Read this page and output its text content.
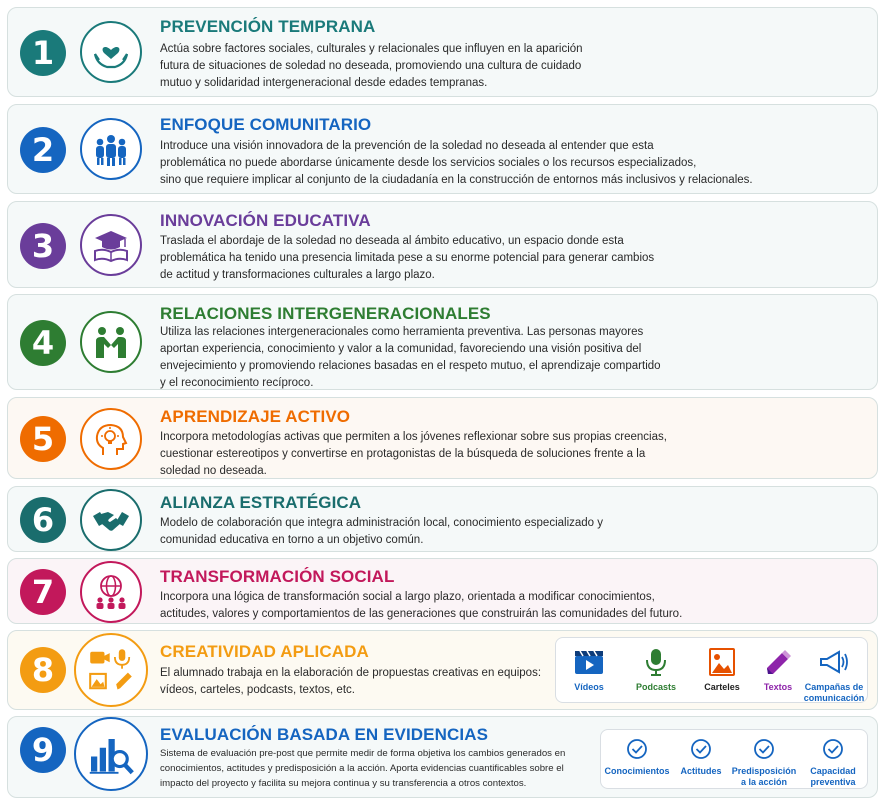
1
PREVENCIÓN TEMPRANA
Actúa sobre factores sociales, culturales y relacionales que influyen en la aparición
futura de situaciones de soledad no deseada, promoviendo una cultura de cuidado
mutuo y solidaridad intergeneracional desde edades tempranas.
2
ENFOQUE COMUNITARIO
Introduce una visión innovadora de la prevención de la soledad no deseada al entender que esta
problemática no puede abordarse únicamente desde los servicios sociales o los recursos especializados,
sino que requiere implicar al conjunto de la ciudadanía en la construcción de entornos más inclusivos y relacionales.
3
INNOVACIÓN EDUCATIVA
Traslada el abordaje de la soledad no deseada al ámbito educativo, un espacio donde esta
problemática ha tenido una presencia limitada pese a su enorme potencial para generar cambios
de actitud y transformaciones culturales a largo plazo.
4
RELACIONES INTERGENERACIONALES
Utiliza las relaciones intergeneracionales como herramienta preventiva. Las personas mayores
aportan experiencia, conocimiento y valor a la comunidad, favoreciendo una visión positiva del
envejecimiento y promoviendo relaciones basadas en el respeto mutuo, el aprendizaje compartido
y el reconocimiento recíproco.
5
APRENDIZAJE ACTIVO
Incorpora metodologías activas que permiten a los jóvenes reflexionar sobre sus propias creencias,
cuestionar estereotipos y convertirse en protagonistas de la búsqueda de soluciones frente a la
soledad no deseada.
6	ALIANZA ESTRATÉGICA
Modelo de colaboración que integra administración local, conocimiento especializado y
comunidad educativa en torno a un objetivo común.
7	TRANSFORMACIÓN SOCIAL
Incorpora una lógica de transformación social a largo plazo, orientada a modificar conocimientos,
actitudes, valores y comportamientos de las generaciones que construirán las comunidades del futuro.
8	CREATIVIDAD APLICADA
El alumnado trabaja en la elaboración de propuestas creativas en equipos:
vídeos, carteles, podcasts, textos, etc.	Vídeos	Podcasts	Carteles	Textos	Campañas de comunicación
9	EVALUACIÓN BASADA EN EVIDENCIAS
Sistema de evaluación pre-post que permite medir de forma objetiva los cambios generados en
conocimientos, actitudes y predisposición a la acción. Aporta evidencias cuantificables sobre el
impacto del proyecto y facilita su mejora continua y su transferencia a otros contextos.
Conocimientos	Actitudes	Predisposición a la acción
Capacidad preventiva
